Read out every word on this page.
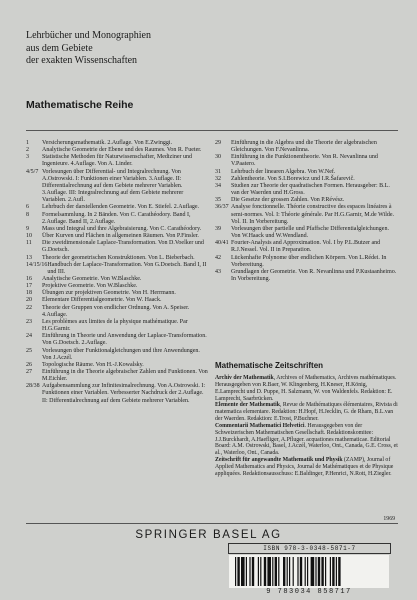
Lehrbücher und Monographien
aus dem Gebiete
der exakten Wissenschaften
Mathematische Reihe
1	Versicherungsmathematik. 2.Auflage. Von E.Zwinggi.
2	Analytische Geometrie der Ebene und des Raumes. Von R. Fueter.
3	Statistische Methoden für Naturwissenschafter, Mediziner und Ingenieure. 4.Auflage. Von A. Linder.
4/5/7 Vorlesungen über Differential- und Integralrechnung. Von A.Ostrowski. I: Funktionen einer Variablen. 3.Auflage. II: Differentialrechnung auf dem Gebiete mehrerer Variablen. 3.Auflage. III: Integralrechnung auf dem Gebiete mehrerer Variablen. 2.Aufl.
6	Lehrbuch der darstellenden Geometrie. Von E. Stiefel. 2.Auflage.
8	Formelsammlung. In 2 Bänden. Von C. Carathéodory. Band I, 2.Auflage. Band II, 2.Auflage.
9	Mass und Integral und ihre Algebraisierung. Von C. Carathéodory.
10	Über Kurven und Flächen in allgemeinen Räumen. Von P.Finsler.
11	Die zweidimensionale Laplace-Transformation. Von D.Voelker und G.Doetsch.
13	Theorie der geometrischen Konstruktionen. Von L. Bieberbach.
14/15/16 Handbuch der Laplace-Transformation. Von G.Doetsch. Band I, II und III.
16	Analytische Geometrie. Von W.Blaschke.
17	Projektive Geometrie. Von W.Blaschke.
18	Übungen zur projektiven Geometrie. Von H. Herrmann.
20	Elementare Differentialgeometrie. Von W. Haack.
22	Theorie der Gruppen von endlicher Ordnung. Von A. Speiser. 4.Auflage.
23	Les problèmes aux limites de la physique mathématique. Par H.G.Garnir.
24	Einführung in Theorie und Anwendung der Laplace-Transformation. Von G.Doetsch. 2.Auflage.
25	Vorlesungen über Funktionalgleichungen und ihre Anwendungen. Von J.Aczél.
26	Topologische Räume. Von H.-J.Kowalsky.
27	Einführung in die Theorie algebraischer Zahlen und Funktionen. Von M.Eichler.
28/38 Aufgabensammlung zur Infinitesimalrechnung. Von A.Ostrowski. I: Funktionen einer Variablen. Verbesserter Nachdruck der 2.Auflage. II: Differentialrechnung auf dem Gebiete mehrerer Variablen.
29	Einführung in die Algebra und die Theorie der algebraischen Gleichungen. Von F.Nevanlinna.
30	Einführung in die Funktionentheorie. Von R. Nevanlinna und V.Paatero.
31	Lehrbuch der linearen Algebra. Von W.Nef.
32	Zahlentheorie. Von S.I.Borewicz und I.R.Šafarevič.
34	Studien zur Theorie der quadratischen Formen. Herausgeber: B.L. van der Waerden und H.Gross.
35	Die Gesetze der grossen Zahlen. Von P.Révész.
36/37 Analyse fonctionnelle. Théorie constructive des espaces linéaires à semi-normes. Vol. I: Théorie générale. Par H.G.Garnir, M.de Wilde. Vol. II. In Vorbereitung.
39	Vorlesungen über partielle und Pfaffsche Differentialgleichungen. Von W.Haack und W.Wendland.
40/41 Fourier-Analysis and Approximation. Vol. I by P.L.Butzer and R.J.Nessel. Vol. II in Preparation.
42	Lückenhafte Polynome über endlichen Körpern. Von L.Rédei. In Vorbereitung.
43	Grundlagen der Geometrie. Von R. Nevanlinna und P.Kustaanheimo. In Vorbereitung.
Mathematische Zeitschriften
Archiv der Mathematik, Archives of Mathematics, Archives mathématiques. Herausgegeben von R.Baer, W. Klingenberg, H.Kneser, H.König, E.Lamprecht und D. Puppe, H. Salzmann, W. von Waldenfels. Redaktion: E. Lamprecht, Saarbrücken.
Elemente der Mathematik, Revue de Mathématiques élémentaires, Rivista di matematica elementare. Redaktion: H.Hopf, H.Jecklin, G. de Rham, B.L.van der Waerden. Redaktion: E.Trost, P.Buchner.
Commentarii Mathematici Helvetici. Herausgegeben von der Schweizerischen Mathematischen Gesellschaft. Redaktionskomitee: J.J.Burckhardt, A.Haefliger, A.Pfluger. acquationes mathematicae. Editorial Board: A.M. Ostrowski, Basel, J.Aczél, Waterloo, Ont., Canada, G.E. Cross, et al., Waterloo, Ont., Canada.
Zeitschrift für angewandte Mathematik und Physik (ZAMP), Journal of Applied Mathematics and Physics, Journal de Mathématiques et de Physique appliquées. Redaktionsausschuss: E.Baldinger, P.Henrici, N.Rott, H.Ziegler.
1969
SPRINGER BASEL AG
ISBN 978-3-0348-5871-7
9 783034 858717
